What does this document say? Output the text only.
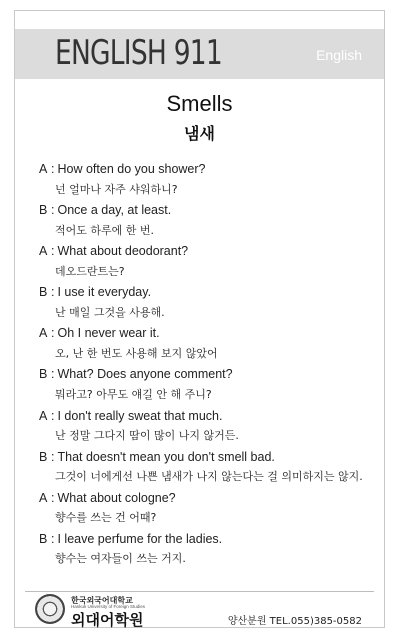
ENGLISH 911	English
Smells
냄새
A : How often do you shower?
넌 얼마나 자주 샤워하니?
B : Once a day, at least.
적어도 하루에 한 번.
A : What about deodorant?
데오드란트는?
B : I use it everyday.
난 매일 그것을 사용해.
A : Oh I never wear it.
오, 난 한 번도 사용해 보지 않았어
B : What? Does anyone comment?
뭐라고? 아무도 얘길 안 해 주니?
A : I don't really sweat that much.
난 정말 그다지 땀이 많이 나지 않거든.
B : That doesn't mean you don't smell bad.
그것이 너에게선 나쁜 냄새가 나지 않는다는 걸 의미하지는 않지.
A : What about cologne?
향수를 쓰는 건 어때?
B : I leave perfume for the ladies.
향수는 여자들이 쓰는 거지.
한국외국어대학교
Hankuk University of Foreign Studies
외대어학원	양산분원 TEL.055)385-0582
